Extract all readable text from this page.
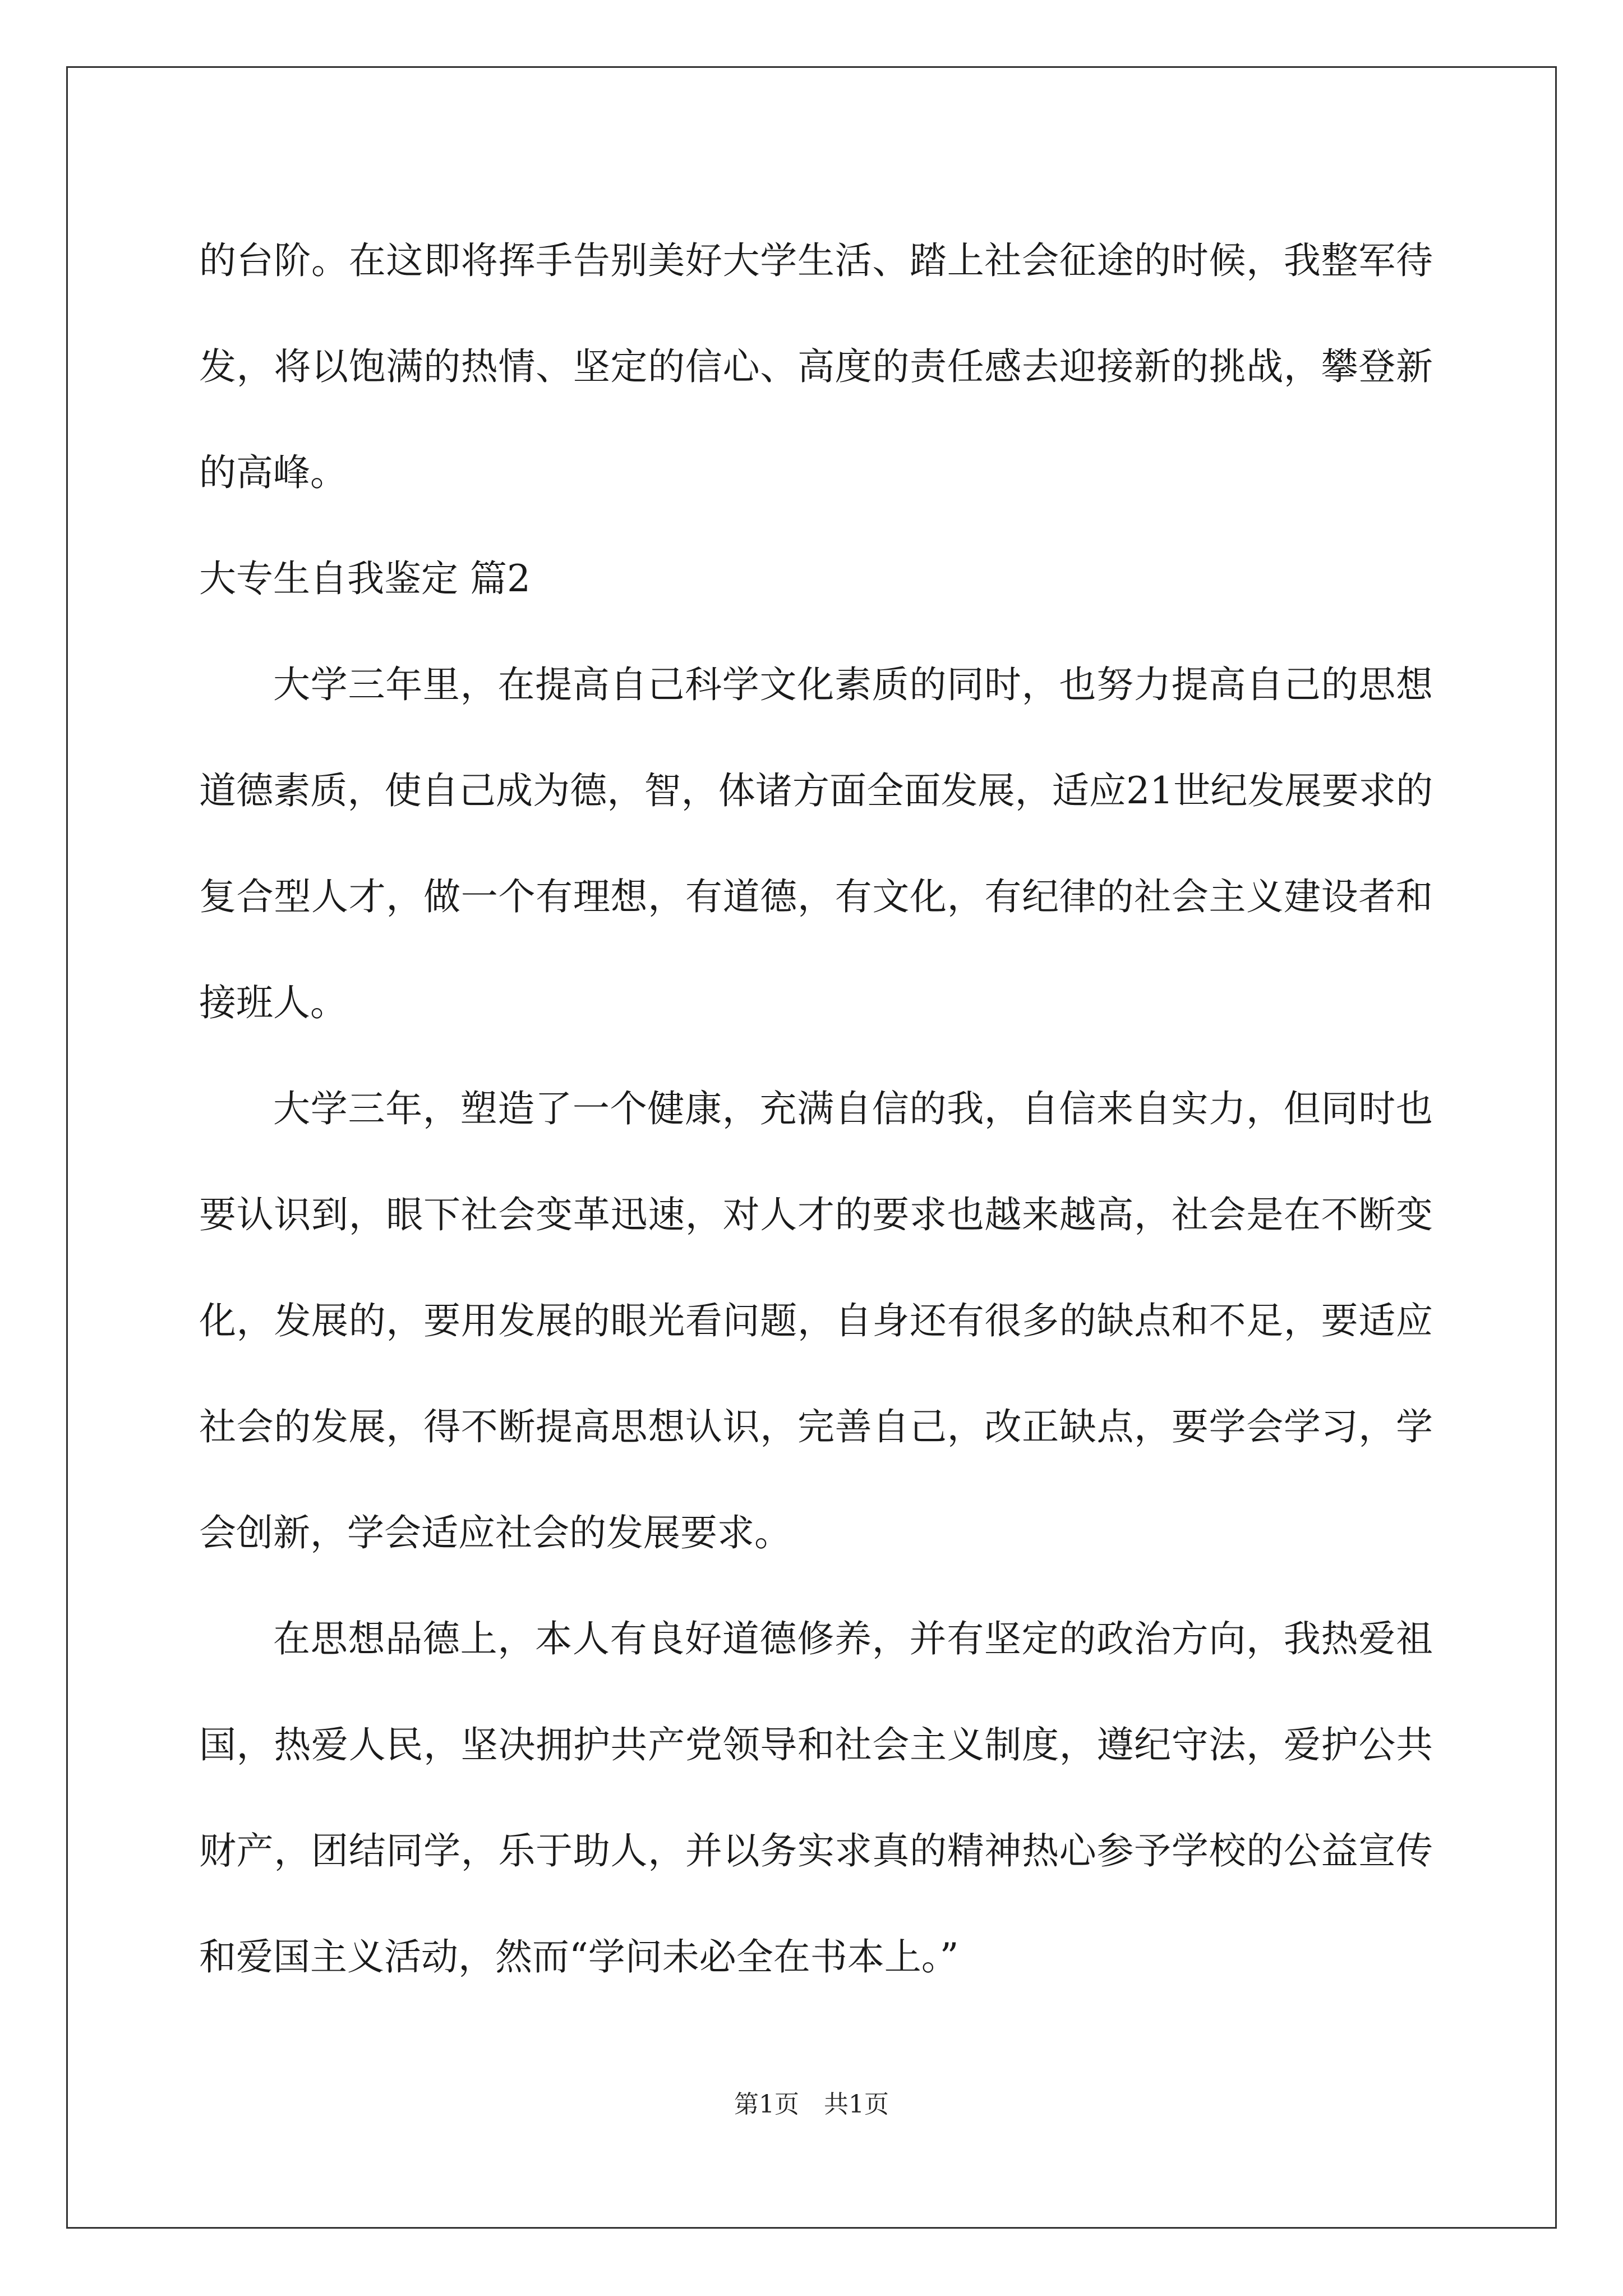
的台阶。在这即将挥手告别美好大学生活、踏上社会征途的时候，我整军待发，将以饱满的热情、坚定的信心、高度的责任感去迎接新的挑战，攀登新的高峰。

大专生自我鉴定 篇2

大学三年里，在提高自己科学文化素质的同时，也努力提高自己的思想道德素质，使自己成为德，智，体诸方面全面发展，适应21世纪发展要求的复合型人才，做一个有理想，有道德，有文化，有纪律的社会主义建设者和接班人。

大学三年，塑造了一个健康，充满自信的我，自信来自实力，但同时也要认识到，眼下社会变革迅速，对人才的要求也越来越高，社会是在不断变化，发展的，要用发展的眼光看问题，自身还有很多的缺点和不足，要适应社会的发展，得不断提高思想认识，完善自己，改正缺点，要学会学习，学会创新，学会适应社会的发展要求。

在思想品德上，本人有良好道德修养，并有坚定的政治方向，我热爱祖国，热爱人民，坚决拥护共产党领导和社会主义制度，遵纪守法，爱护公共财产，团结同学，乐于助人，并以务实求真的精神热心参予学校的公益宣传和爱国主义活动，然而“学问未必全在书本上。”

第1页　共1页
